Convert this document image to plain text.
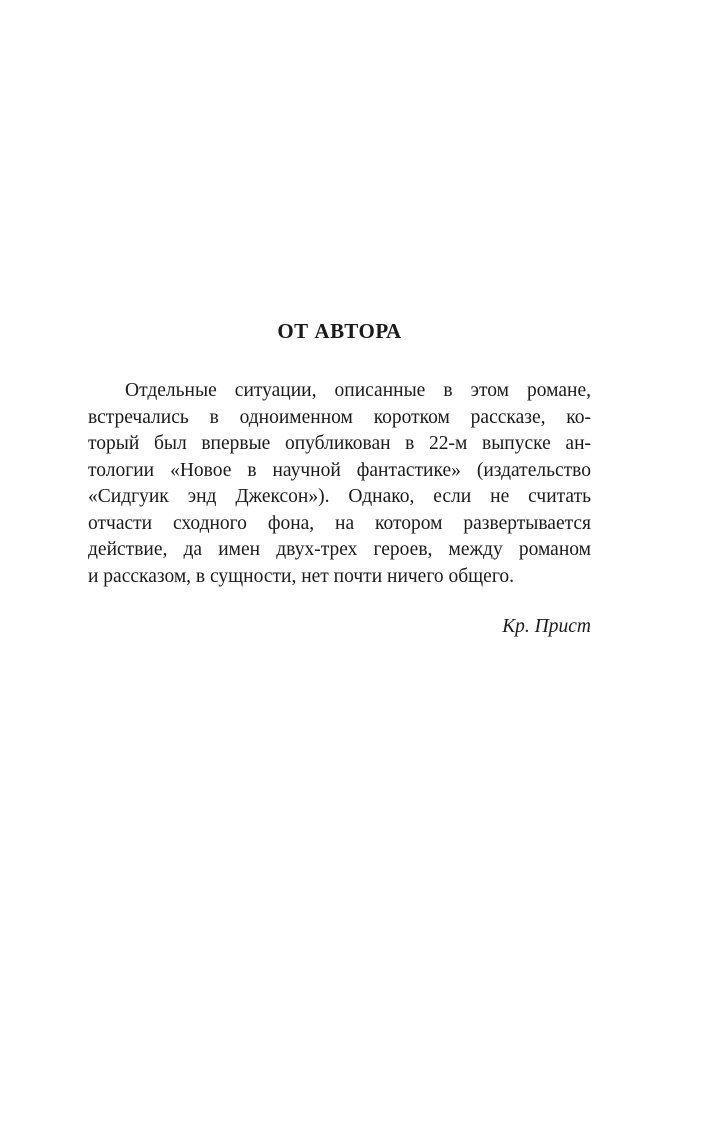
ОТ АВТОРА
Отдельные ситуации, описанные в этом романе,
встречались в одноименном коротком рассказе, ко-
торый был впервые опубликован в 22-м выпуске ан-
тологии «Новое в научной фантастике» (издательство
«Сидгуик энд Джексон»). Однако, если не считать
отчасти сходного фона, на котором развертывается
действие, да имен двух-трех героев, между романом
и рассказом, в сущности, нет почти ничего общего.

Кр. Прист
